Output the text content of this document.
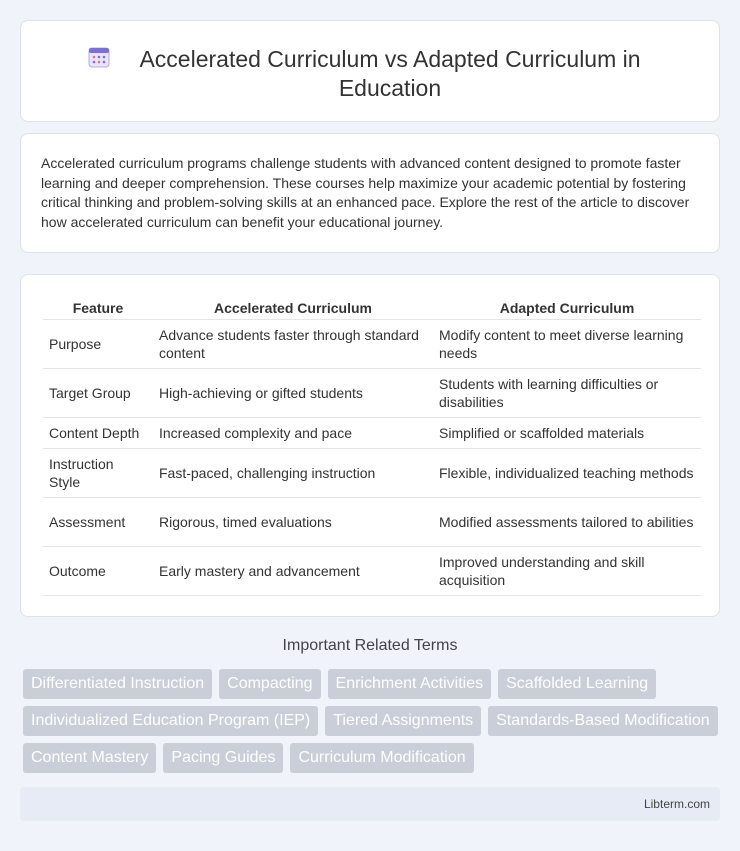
Accelerated Curriculum vs Adapted Curriculum in Education

Accelerated curriculum programs challenge students with advanced content designed to promote faster learning and deeper comprehension. These courses help maximize your academic potential by fostering critical thinking and problem-solving skills at an enhanced pace. Explore the rest of the article to discover how accelerated curriculum can benefit your educational journey.

Feature	Accelerated Curriculum	Adapted Curriculum
Purpose	Advance students faster through standard content	Modify content to meet diverse learning needs
Target Group	High-achieving or gifted students	Students with learning difficulties or disabilities
Content Depth	Increased complexity and pace	Simplified or scaffolded materials
Instruction Style	Fast-paced, challenging instruction	Flexible, individualized teaching methods
Assessment	Rigorous, timed evaluations	Modified assessments tailored to abilities
Outcome	Early mastery and advancement	Improved understanding and skill acquisition
Important Related Terms
Differentiated Instruction	Compacting	Enrichment Activities	Scaffolded Learning
Individualized Education Program (IEP)	Tiered Assignments	Standards-Based Modification
Content Mastery	Pacing Guides	Curriculum Modification
Libterm.com
